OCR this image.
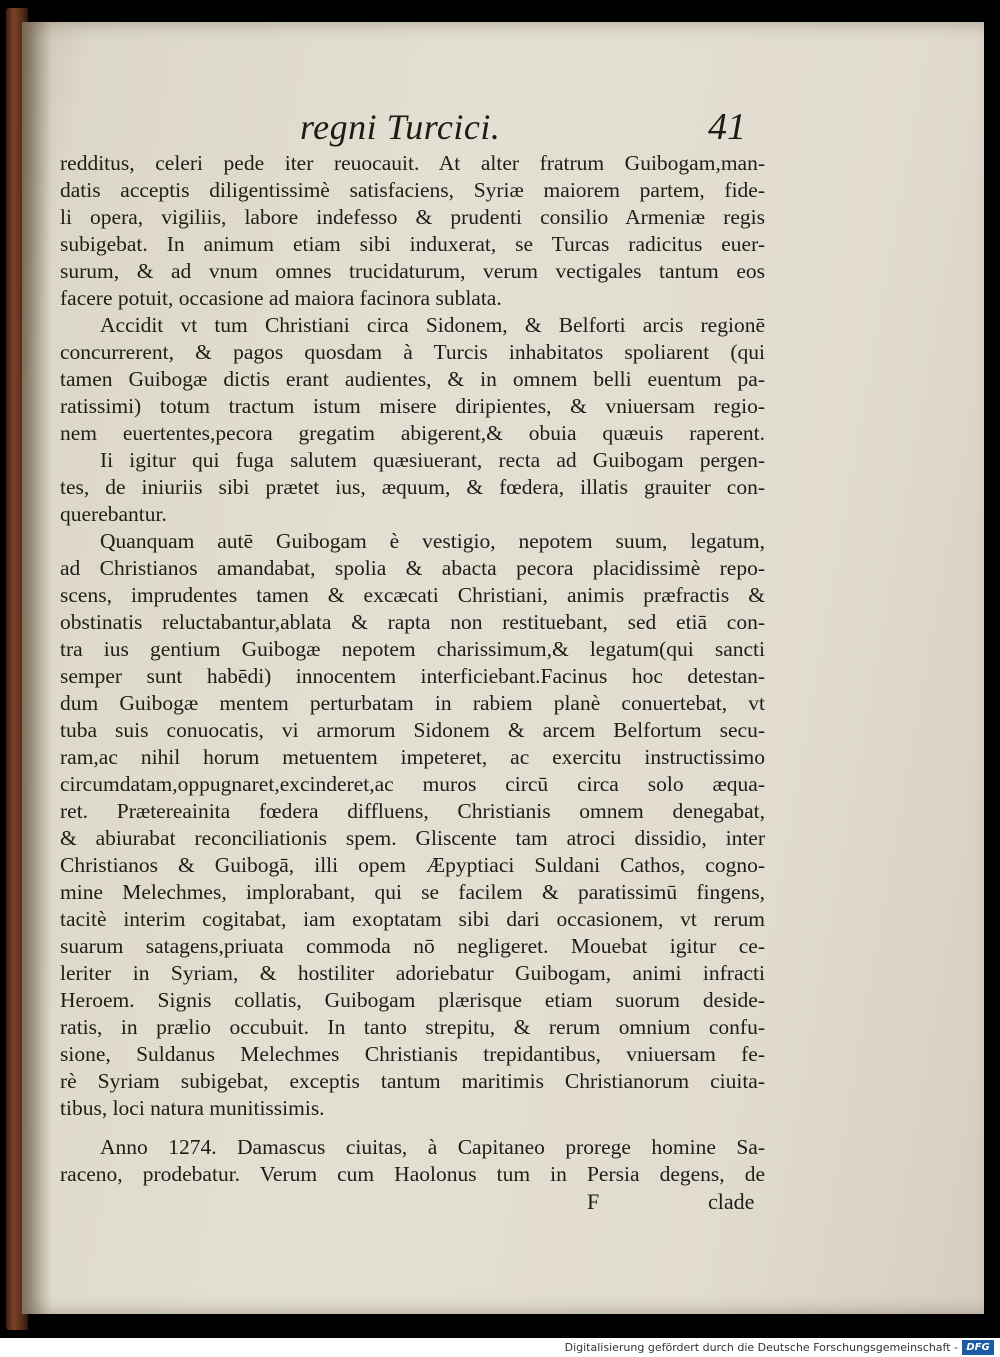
regni Turcici.	41
redditus, celeri pede iter reuocauit. At alter fratrum Guibogam,man-
datis acceptis diligentissimè satisfaciens, Syriæ maiorem partem, fide-
li opera, vigiliis, labore indefesso & prudenti consilio Armeniæ regis
subigebat. In animum etiam sibi induxerat, se Turcas radicitus euer-
surum, & ad vnum omnes trucidaturum, verum vectigales tantum eos
facere potuit, occasione ad maiora facinora sublata.
Accidit vt tum Christiani circa Sidonem, & Belforti arcis regionē
concurrerent, & pagos quosdam à Turcis inhabitatos spoliarent (qui
tamen Guibogæ dictis erant audientes, & in omnem belli euentum pa-
ratissimi) totum tractum istum misere diripientes, & vniuersam regio-
nem euertentes,pecora gregatim abigerent,& obuia quæuis raperent.
Ii igitur qui fuga salutem quæsiuerant, recta ad Guibogam pergen-
tes, de iniuriis sibi prætet ius, æquum, & fœdera, illatis grauiter con-
querebantur.
Quanquam autē Guibogam è vestigio, nepotem suum, legatum,
ad Christianos amandabat, spolia & abacta pecora placidissimè repo-
scens, imprudentes tamen & excæcati Christiani, animis præfractis &
obstinatis reluctabantur,ablata & rapta non restituebant, sed etiā con-
tra ius gentium Guibogæ nepotem charissimum,& legatum(qui sancti
semper sunt habēdi) innocentem interficiebant.Facinus hoc detestan-
dum Guibogæ mentem perturbatam in rabiem planè conuertebat, vt
tuba suis conuocatis, vi armorum Sidonem & arcem Belfortum secu-
ram,ac nihil horum metuentem impeteret, ac exercitu instructissimo
circumdatam,oppugnaret,excinderet,ac muros circū circa solo æqua-
ret. Prætereainita fœdera diffluens, Christianis omnem denegabat,
& abiurabat reconciliationis spem. Gliscente tam atroci dissidio, inter
Christianos & Guibogā, illi opem Æpyptiaci Suldani Cathos, cogno-
mine Melechmes, implorabant, qui se facilem & paratissimū fingens,
tacitè interim cogitabat, iam exoptatam sibi dari occasionem, vt rerum
suarum satagens,priuata commoda nō negligeret. Mouebat igitur ce-
leriter in Syriam, & hostiliter adoriebatur Guibogam, animi infracti
Heroem. Signis collatis, Guibogam plærisque etiam suorum desidе-
ratis, in prælio occubuit. In tanto strepitu, & rerum omnium confu-
sione, Suldanus Melechmes Christianis trepidantibus, vniuersam fe-
rè Syriam subigebat, exceptis tantum maritimis Christianorum ciuita-
tibus, loci natura munitissimis.
Anno 1274. Damascus ciuitas, à Capitaneo prorege homine Sa-
raceno, prodebatur. Verum cum Haolonus tum in Persia degens, de
F	clade
Digitalisierung gefördert durch die Deutsche Forschungsgemeinschaft - DFG
